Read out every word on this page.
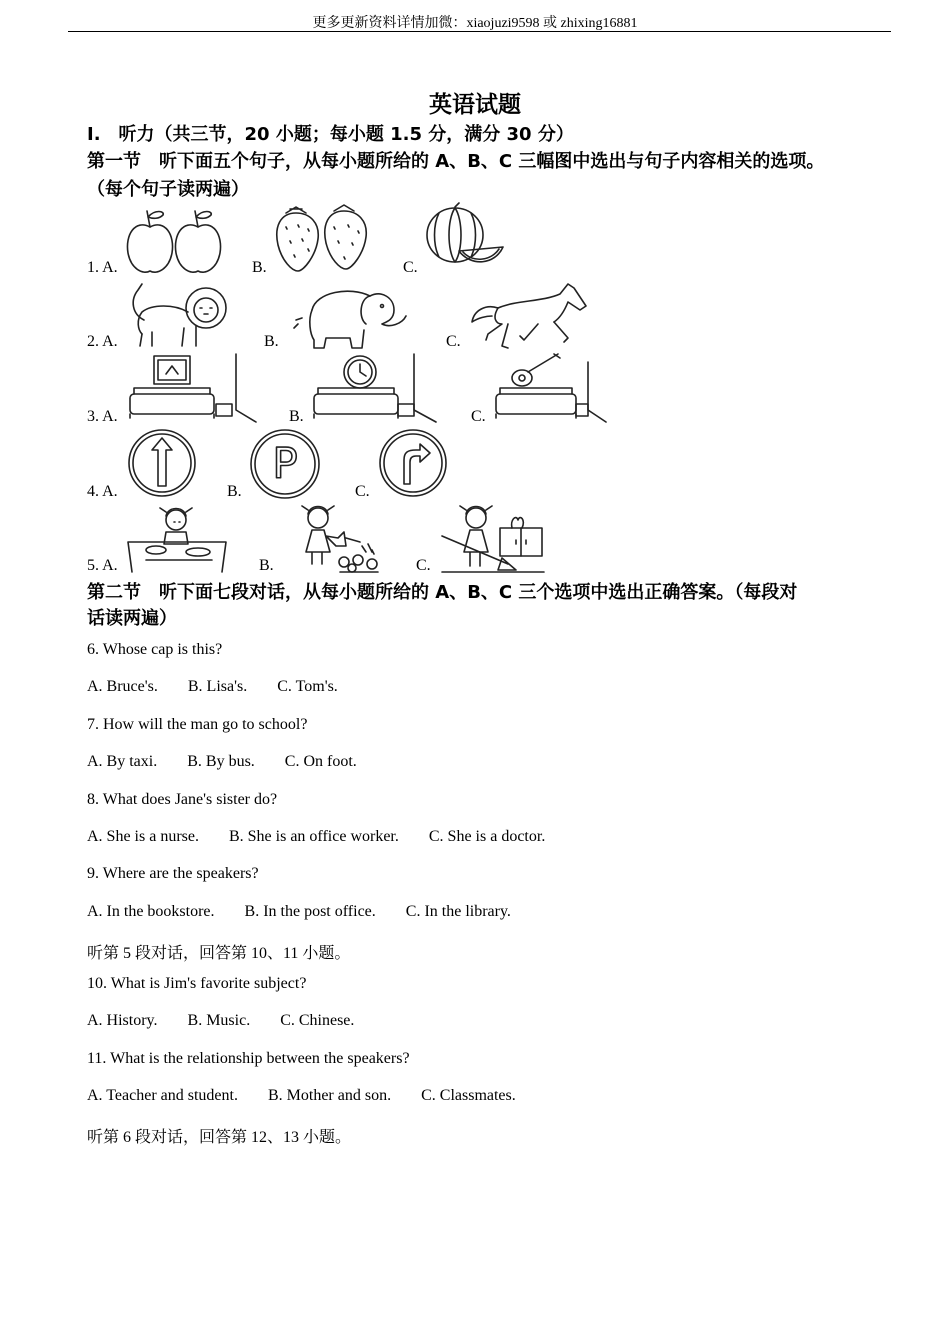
更多更新资料详情加微：xiaojuzi9598 或 zhixing16881
英语试题
I.　听力（共三节，20 小题；每小题 1.5 分，满分 30 分）
第一节　听下面五个句子，从每小题所给的 A、B、C 三幅图中选出与句子内容相关的选项。
（每个句子读两遍）
1. A.	B.	C.
2. A.	B.	C.
3. A.	B.	C.
4. A.	B.
P
C.
5. A.	B.	C.
第二节　听下面七段对话，从每小题所给的 A、B、C 三个选项中选出正确答案。（每段对
话读两遍）
6. Whose cap is this?
A. Bruce's. B. Lisa's. C. Tom's.
7. How will the man go to school?
A. By taxi. B. By bus. C. On foot.
8. What does Jane's sister do?
A. She is a nurse. B. She is an office worker. C. She is a doctor.
9. Where are the speakers?
A. In the bookstore. B. In the post office. C. In the library.
听第 5 段对话，回答第 10、11 小题。
10. What is Jim's favorite subject?
A. History. B. Music. C. Chinese.
11. What is the relationship between the speakers?
A. Teacher and student. B. Mother and son. C. Classmates.
听第 6 段对话，回答第 12、13 小题。
